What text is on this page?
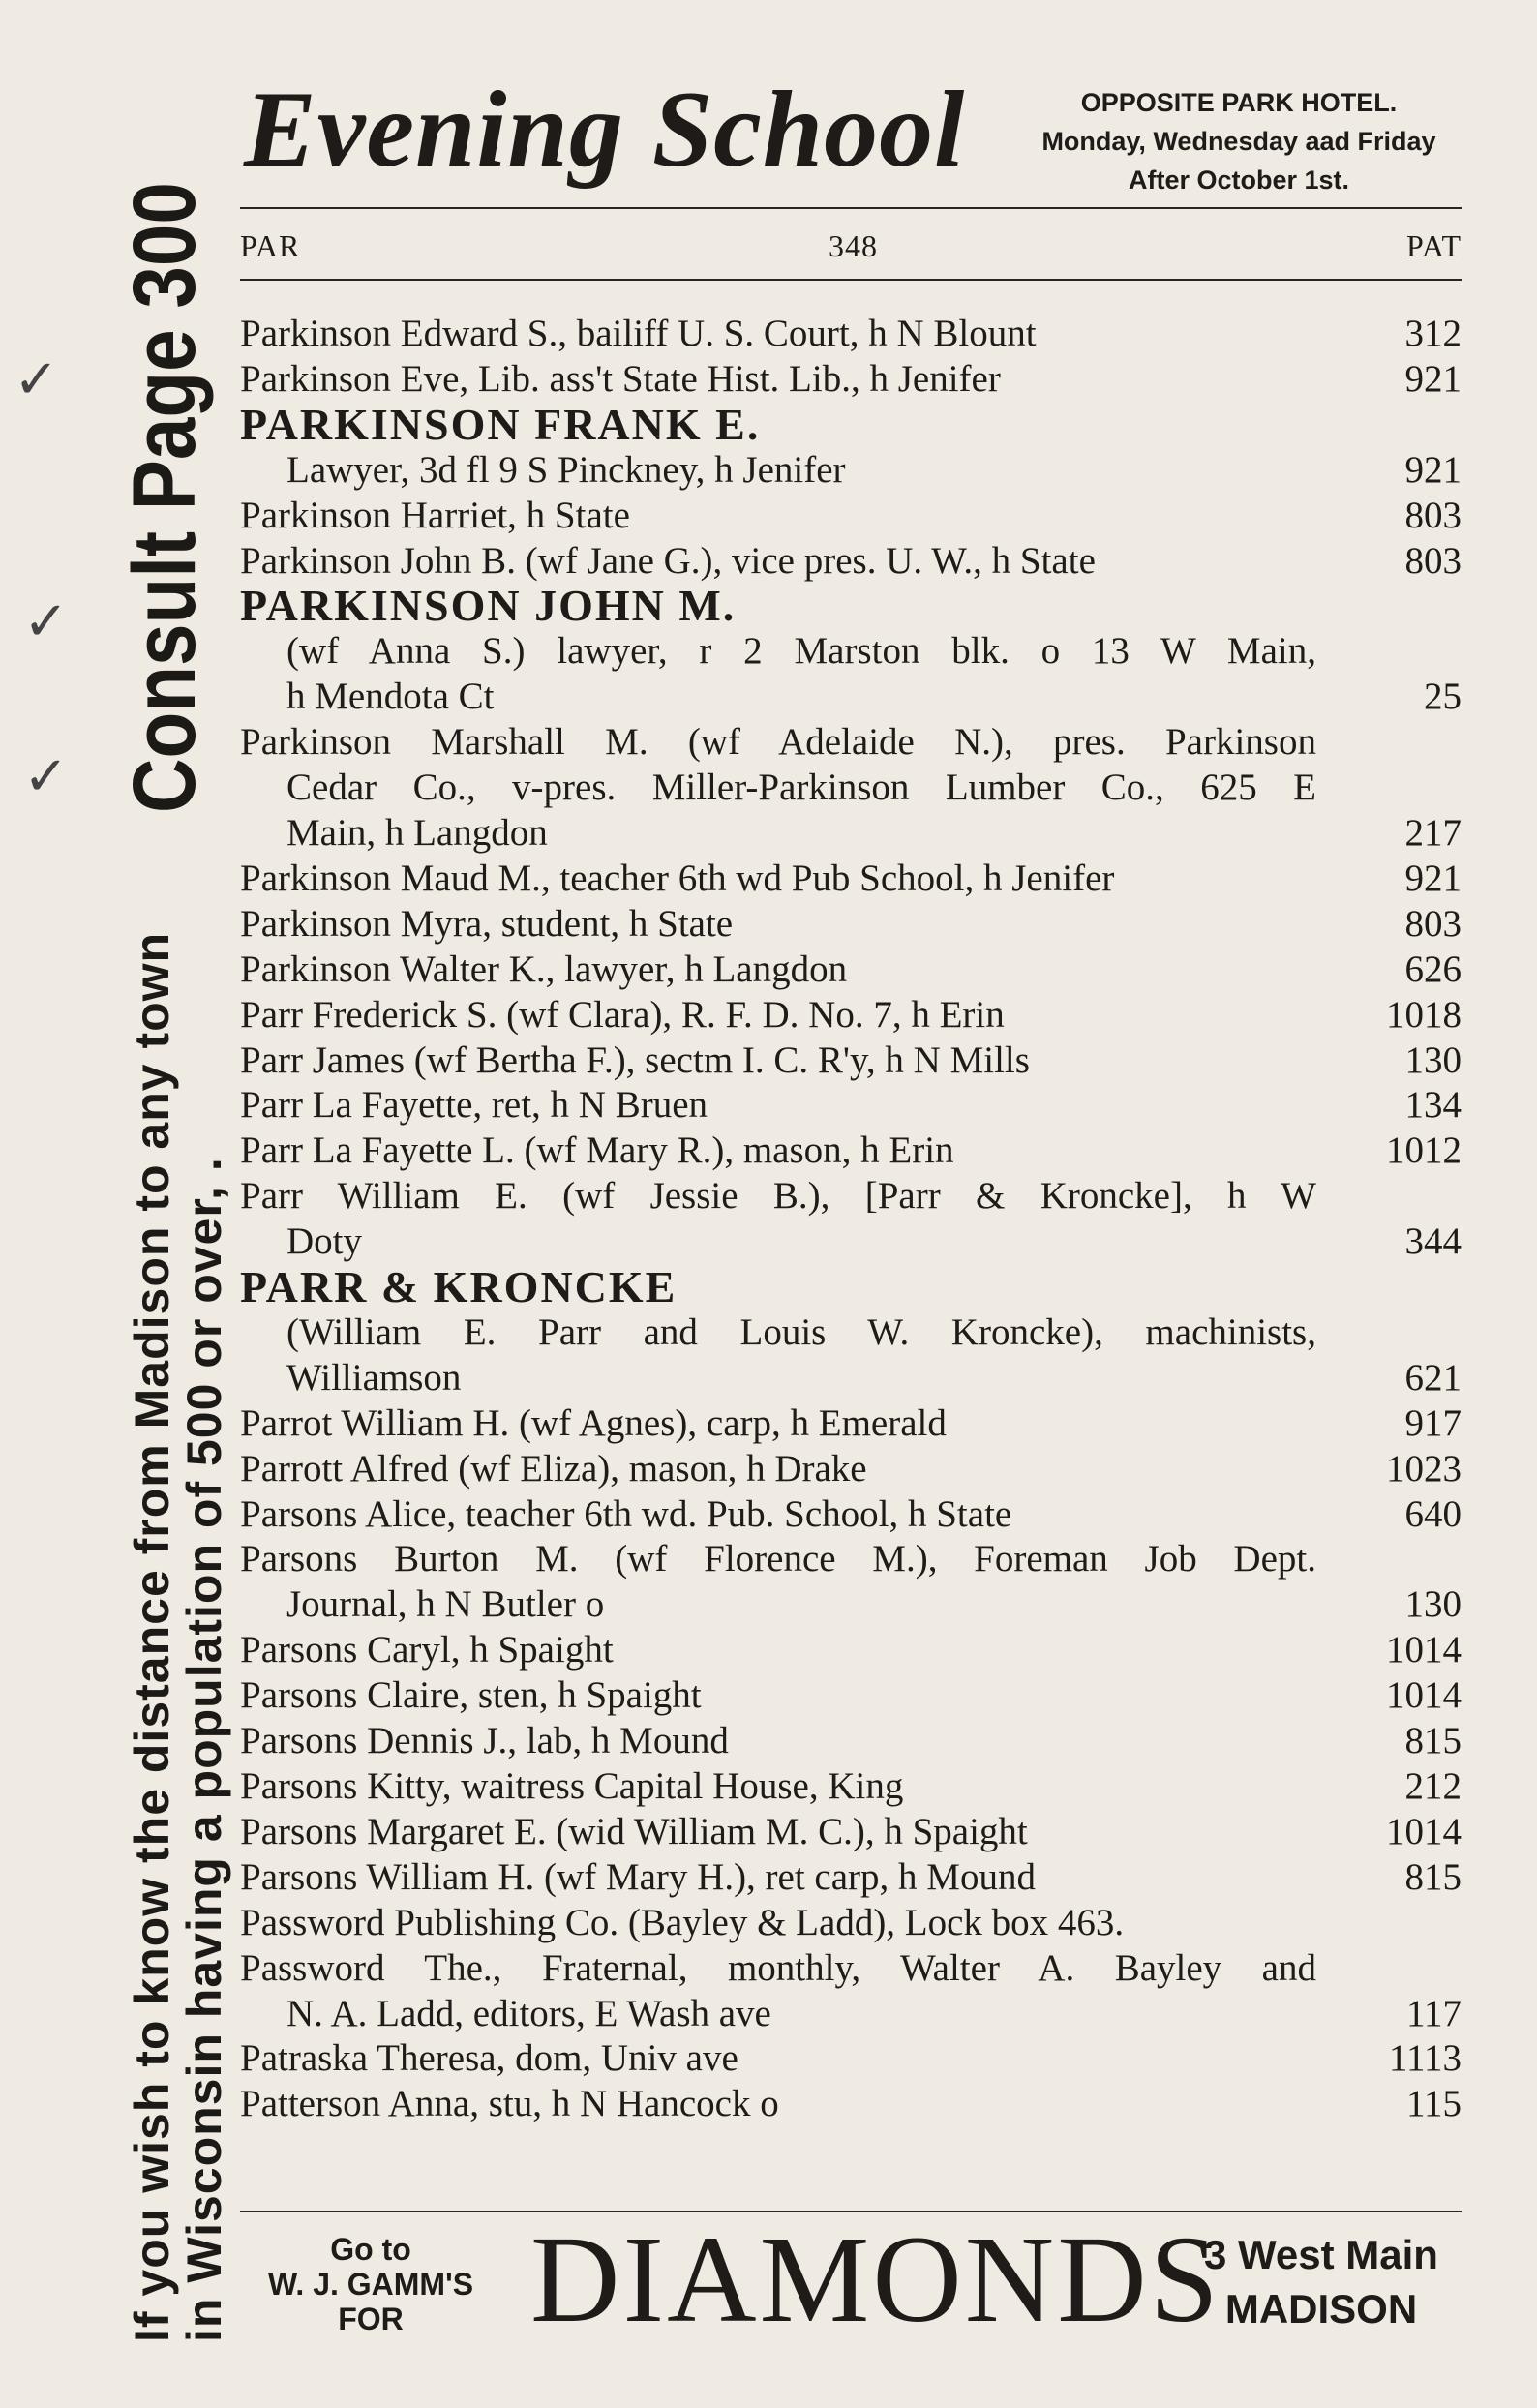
If you wish to know the distance from Madison to any town
in Wisconsin having a population of 500 or over, .
Consult Page 300
✓
✓
✓
Evening School	OPPOSITE PARK HOTEL.
Monday, Wednesday aad Friday
After October 1st.
PAR	348	PAT
Parkinson Edward S., bailiff U. S. Court, h N Blount	312
Parkinson Eve, Lib. ass't State Hist. Lib., h Jenifer	921
PARKINSON FRANK E.
Lawyer, 3d fl 9 S Pinckney, h Jenifer	921
Parkinson Harriet, h State	803
Parkinson John B. (wf Jane G.), vice pres. U. W., h State	803
PARKINSON JOHN M.
(wf Anna S.) lawyer, r 2 Marston blk. o 13 W Main,
h Mendota Ct	25
Parkinson Marshall M. (wf Adelaide N.), pres. Parkinson
Cedar Co., v-pres. Miller-Parkinson Lumber Co., 625 E
Main, h Langdon	217
Parkinson Maud M., teacher 6th wd Pub School, h Jenifer	921
Parkinson Myra, student, h State	803
Parkinson Walter K., lawyer, h Langdon	626
Parr Frederick S. (wf Clara), R. F. D. No. 7, h Erin	1018
Parr James (wf Bertha F.), sectm I. C. R'y, h N Mills	130
Parr La Fayette, ret, h N Bruen	134
Parr La Fayette L. (wf Mary R.), mason, h Erin	1012
Parr William E. (wf Jessie B.), [Parr & Kroncke], h W
Doty	344
PARR & KRONCKE
(William E. Parr and Louis W. Kroncke), machinists,
Williamson	621
Parrot William H. (wf Agnes), carp, h Emerald	917
Parrott Alfred (wf Eliza), mason, h Drake	1023
Parsons Alice, teacher 6th wd. Pub. School, h State	640
Parsons Burton M. (wf Florence M.), Foreman Job Dept.
Journal, h N Butler o	130
Parsons Caryl, h Spaight	1014
Parsons Claire, sten, h Spaight	1014
Parsons Dennis J., lab, h Mound	815
Parsons Kitty, waitress Capital House, King	212
Parsons Margaret E. (wid William M. C.), h Spaight	1014
Parsons William H. (wf Mary H.), ret carp, h Mound	815
Password Publishing Co. (Bayley & Ladd), Lock box 463.
Password The., Fraternal, monthly, Walter A. Bayley and
N. A. Ladd, editors, E Wash ave	117
Patraska Theresa, dom, Univ ave	1113
Patterson Anna, stu, h N Hancock o	115
Go to
W. J. GAMM'S
FOR	DIAMONDS
3 West Main
MADISON
